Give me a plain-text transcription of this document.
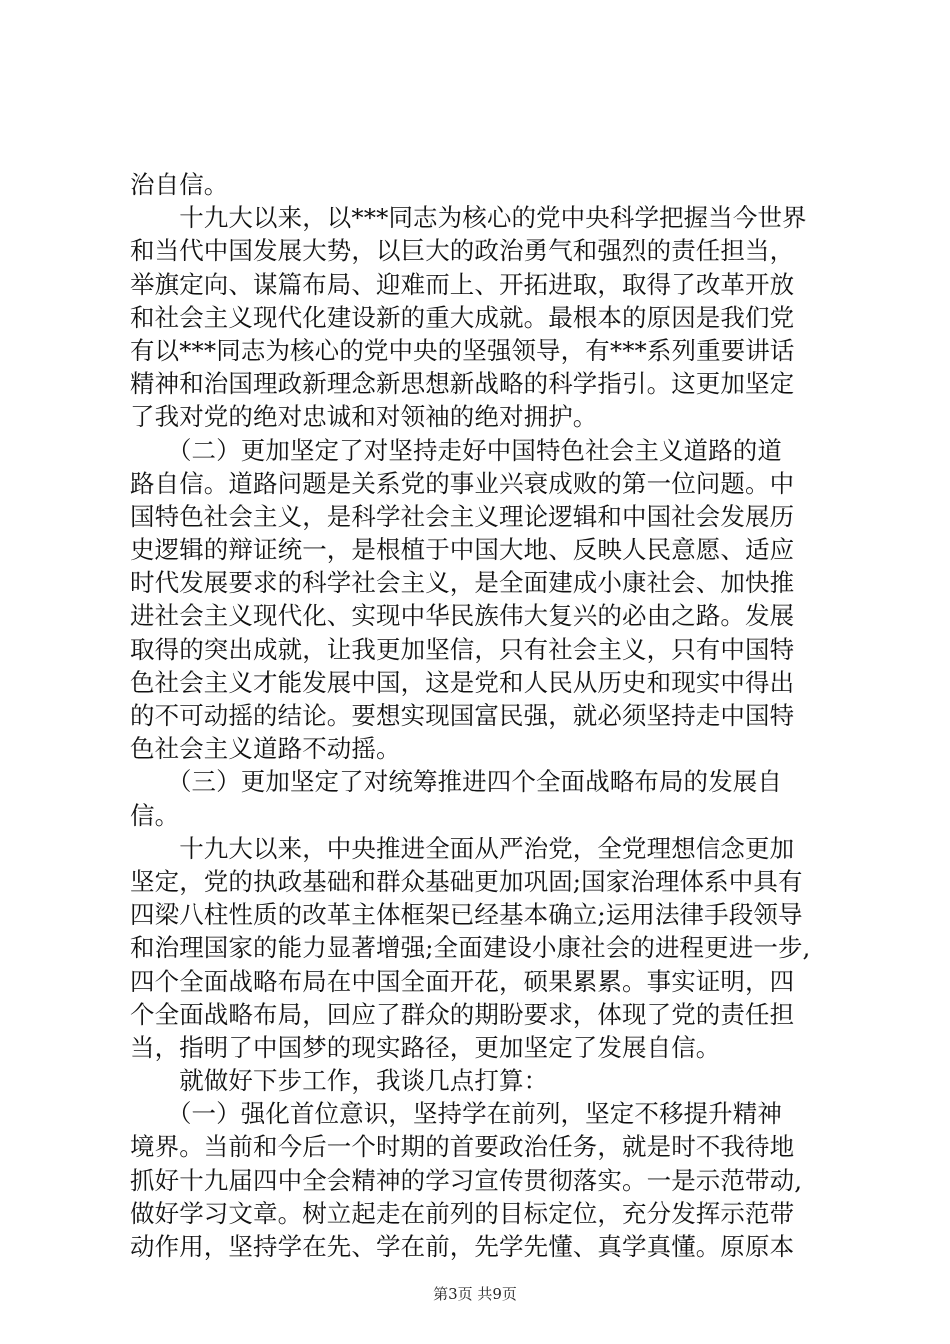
治自信。
　　十九大以来，以***同志为核心的党中央科学把握当今世界
和当代中国发展大势，以巨大的政治勇气和强烈的责任担当，
举旗定向、谋篇布局、迎难而上、开拓进取，取得了改革开放
和社会主义现代化建设新的重大成就。最根本的原因是我们党
有以***同志为核心的党中央的坚强领导，有***系列重要讲话
精神和治国理政新理念新思想新战略的科学指引。这更加坚定
了我对党的绝对忠诚和对领袖的绝对拥护。
　　（二）更加坚定了对坚持走好中国特色社会主义道路的道
路自信。道路问题是关系党的事业兴衰成败的第一位问题。中
国特色社会主义，是科学社会主义理论逻辑和中国社会发展历
史逻辑的辩证统一，是根植于中国大地、反映人民意愿、适应
时代发展要求的科学社会主义，是全面建成小康社会、加快推
进社会主义现代化、实现中华民族伟大复兴的必由之路。发展
取得的突出成就，让我更加坚信，只有社会主义，只有中国特
色社会主义才能发展中国，这是党和人民从历史和现实中得出
的不可动摇的结论。要想实现国富民强，就必须坚持走中国特
色社会主义道路不动摇。
　　（三）更加坚定了对统筹推进四个全面战略布局的发展自
信。
　　十九大以来，中央推进全面从严治党，全党理想信念更加
坚定，党的执政基础和群众基础更加巩固;国家治理体系中具有
四梁八柱性质的改革主体框架已经基本确立;运用法律手段领导
和治理国家的能力显著增强;全面建设小康社会的进程更进一步,
四个全面战略布局在中国全面开花，硕果累累。事实证明，四
个全面战略布局，回应了群众的期盼要求，体现了党的责任担
当，指明了中国梦的现实路径，更加坚定了发展自信。
　　就做好下步工作，我谈几点打算：
　　（一）强化首位意识，坚持学在前列，坚定不移提升精神
境界。当前和今后一个时期的首要政治任务，就是时不我待地
抓好十九届四中全会精神的学习宣传贯彻落实。一是示范带动,
做好学习文章。树立起走在前列的目标定位，充分发挥示范带
动作用，坚持学在先、学在前，先学先懂、真学真懂。原原本
第3页 共9页
